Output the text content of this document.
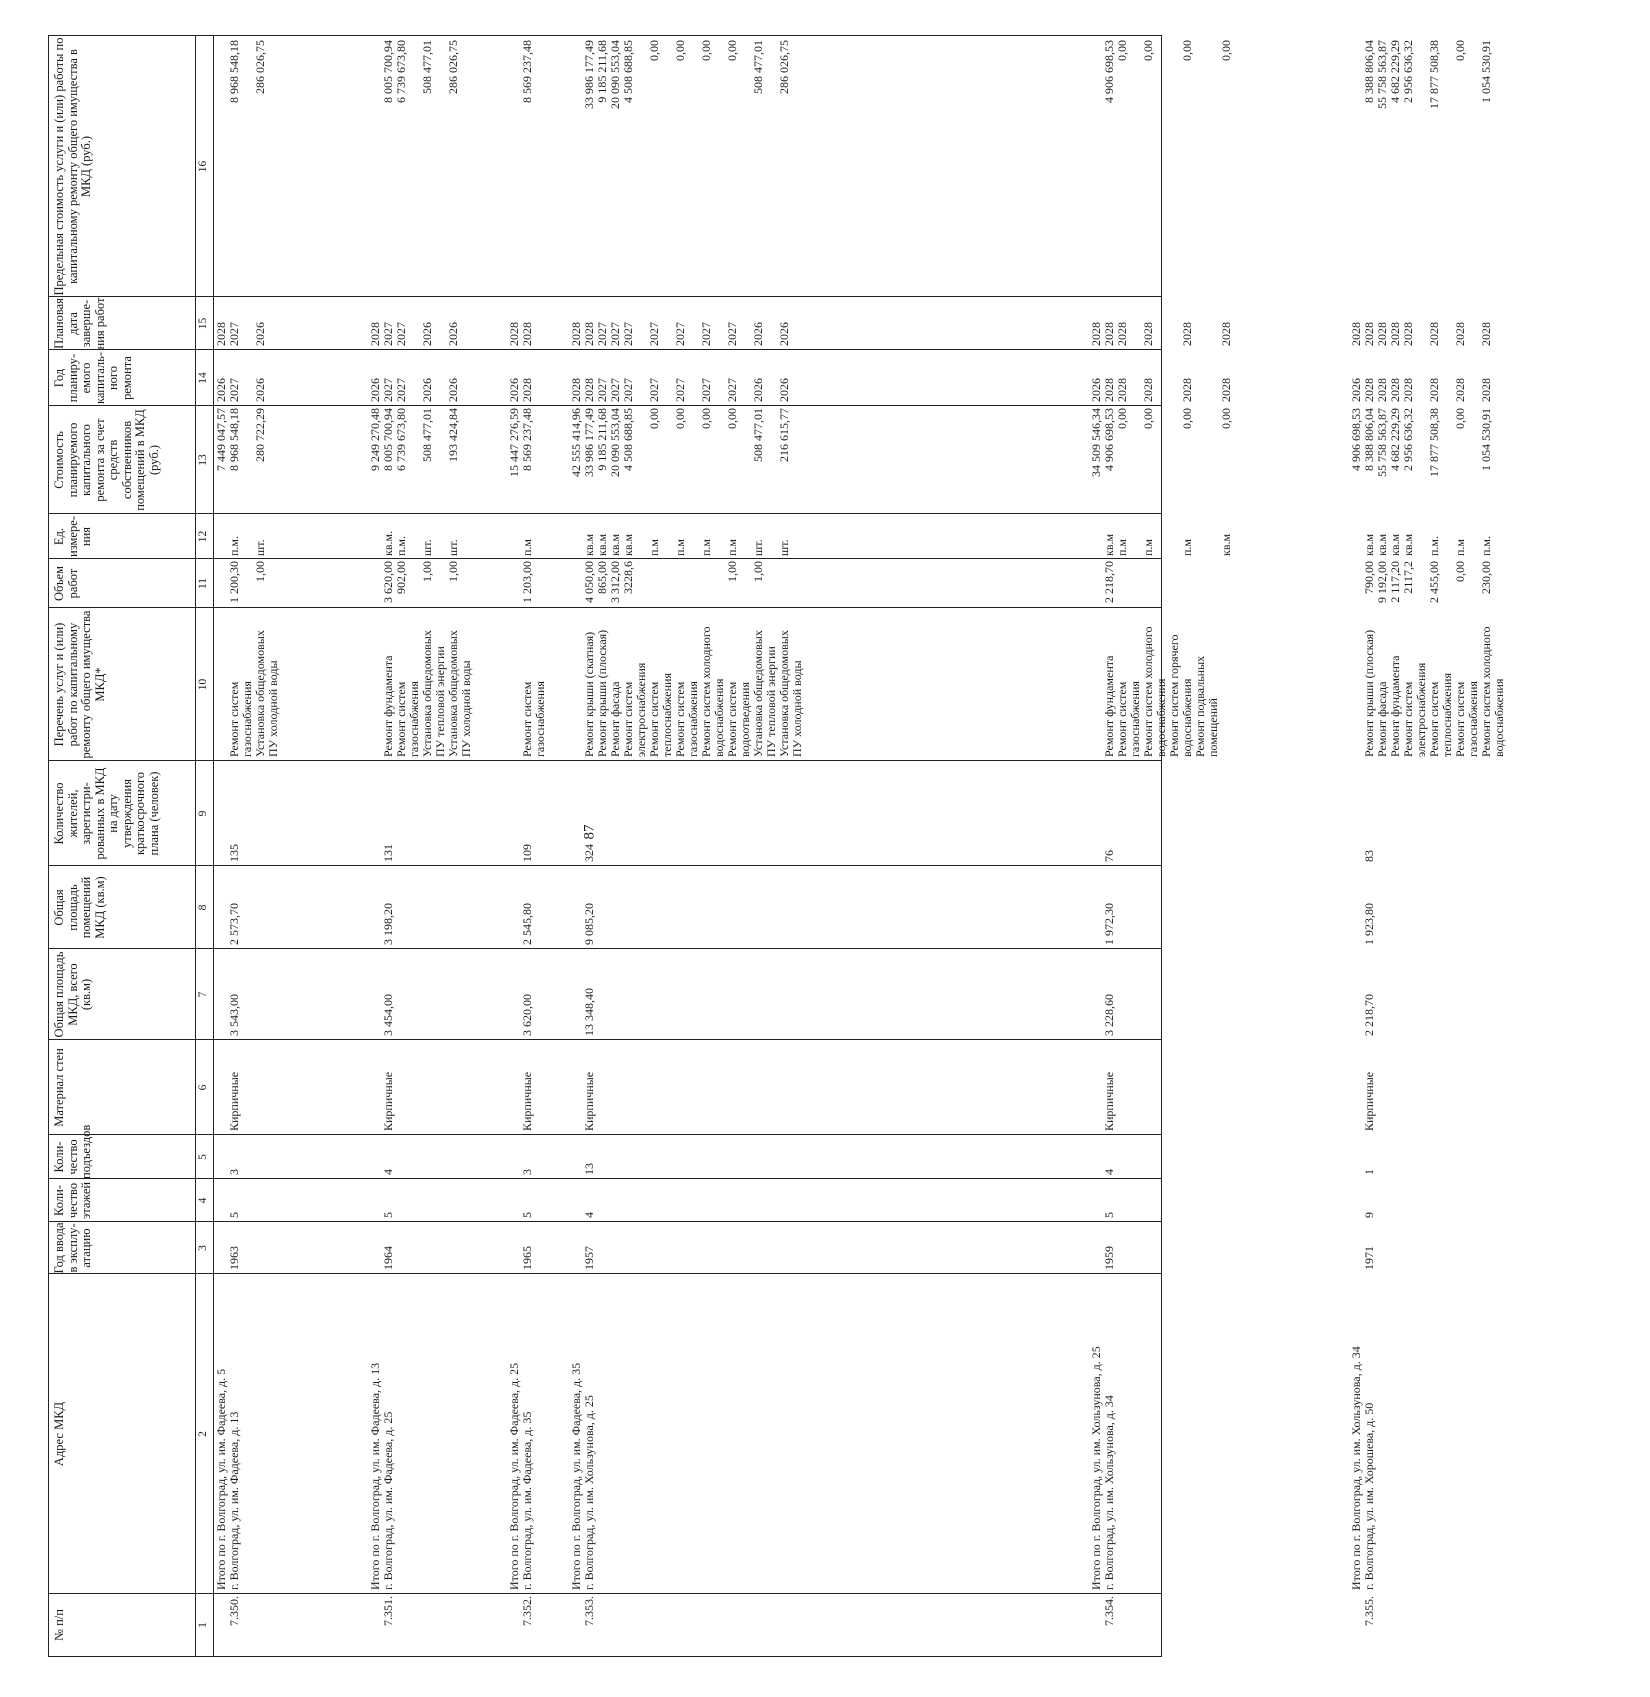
87
№ п/п
Адрес МКД
Год ввода в эксплу- атацию
Коли- чество этажей
Коли- чество подъездов
Материал стен
Общая площадь МКД, всего (кв.м)
Общая площадь помещений МКД (кв.м)
Количество жителей, зарегистри- рованных в МКД на дату утверждения краткосрочного плана (человек)
Перечень услуг и (или) работ по капитальному ремонту общего имущества МКД*
Объем работ
Ед. измере- ния
Стоимость планируемого капитального ремонта за счет средств собственников помещений в МКД (руб.)
Год планиру- емого капиталь- ного ремонта
Плановая дата заверше- ния работ
Предельная стоимость услуги и (или) работы по капитальному ремонту общего имущества в МКД (руб.)
1
2
3
4
5
6
7
8
9
10
11
12
13
14
15
16
Итого по г. Волгоград, ул. им. Фадеева, д. 5
7 449 047,57
2026
2028
7.350.
г. Волгоград, ул. им. Фадеева, д. 13
1963
5
3
Кирпичные
3 543,00
2 573,70
135
Ремонт систем газоснабжения Установка общедомовых ПУ холодной воды
1 200,30

1,00
п.м.

шт.
8 968 548,18

280 722,29
2027

2026
2027

2026
8 968 548,18

286 026,75
Итого по г. Волгоград, ул. им. Фадеева, д. 13
9 249 270,48
2026
2028
7.351.
г. Волгоград, ул. им. Фадеева, д. 25
1964
5
4
Кирпичные
3 454,00
3 198,20
131
Ремонт фундамента Ремонт систем газоснабжения Установка общедомовых ПУ тепловой энергии Установка общедомовых ПУ холодной воды
3 620,00
902,00

1,00

1,00
кв.м.
п.м.

шт.

шт.
8 005 700,94
6 739 673,80

508 477,01

193 424,84
2027
2027

2026

2026
2027
2027

2026

2026
8 005 700,94
6 739 673,80

508 477,01

286 026,75
Итого по г. Волгоград, ул. им. Фадеева, д. 25
15 447 276,59
2026
2028
7.352.
г. Волгоград, ул. им. Фадеева, д. 35
1965
5
3
Кирпичные
3 620,00
2 545,80
109
Ремонт систем газоснабжения
1 203,00
п.м
8 569 237,48
2028
2028
8 569 237,48
Итого по г. Волгоград, ул. им. Фадеева, д. 35
42 555 414,96
2028
2028
7.353.
г. Волгоград, ул. им. Хользунова, д. 25
1957
4
13
Кирпичные
13 348,40
9 085,20
324
Ремонт крыши (скатная) Ремонт крыши (плоская) Ремонт фасада Ремонт систем электроснабжения Ремонт систем теплоснабжения Ремонт систем газоснабжения Ремонт систем холодного водоснабжения Ремонт систем водоотведения Установка общедомовых ПУ тепловой энергии Установка общедомовых ПУ холодной воды
4 050,00
865,00
3 312,00
3228,6

1,00

1,00
кв.м
кв.м
кв.м
кв.м

п.м

п.м

п.м

п.м

шт.

шт.
33 986 177,49
9 185 211,68
20 090 553,04
4 508 688,85

0,00

0,00

0,00

0,00

508 477,01

216 615,77
2028
2027
2027
2027

2027

2027

2027

2027

2026

2026
2028
2027
2027
2027

2027

2027

2027

2027

2026

2026
33 986 177,49
9 185 211,68
20 090 553,04
4 508 688,85

0,00

0,00

0,00

0,00

508 477,01

286 026,75
Итого по г. Волгоград, ул. им. Хользунова, д. 25
34 509 546,34
2026
2028
7.354.
г. Волгоград, ул. им. Хользунова, д. 34
1959
5
4
Кирпичные
3 228,60
1 972,30
76
Ремонт фундамента Ремонт систем газоснабжения Ремонт систем холодного водоснабжения Ремонт систем горячего водоснабжения Ремонт подвальных помещений
2 218,70
кв.м
п.м

п.м

п.м

кв.м
4 906 698,53
0,00

0,00

0,00

0,00
2028
2028

2028

2028

2028
2028
2028

2028

2028

2028
4 906 698,53
0,00

0,00

0,00

0,00
Итого по г. Волгоград, ул. им. Хользунова, д. 34
4 906 698,53
2026
2028
7.355.
г. Волгоград, ул. им. Хорошева, д. 50
1971
9
1
Кирпичные
2 218,70
1 923,80
83
Ремонт крыши (плоская) Ремонт фасада Ремонт фундамента Ремонт систем электроснабжения Ремонт систем теплоснабжения Ремонт систем газоснабжения Ремонт систем холодного водоснабжения
790,00
9 192,00
2 117,20
2117,2

2 455,00

0,00

230,00
кв.м
кв.м
кв.м
кв.м

п.м.

п.м

п.м.
8 388 806,04
55 758 563,87
4 682 229,29
2 956 636,32

17 877 508,38

0,00

1 054 530,91
2028
2028
2028
2028

2028

2028

2028
2028
2028
2028
2028

2028

2028

2028
8 388 806,04
55 758 563,87
4 682 229,29
2 956 636,32

17 877 508,38

0,00

1 054 530,91
